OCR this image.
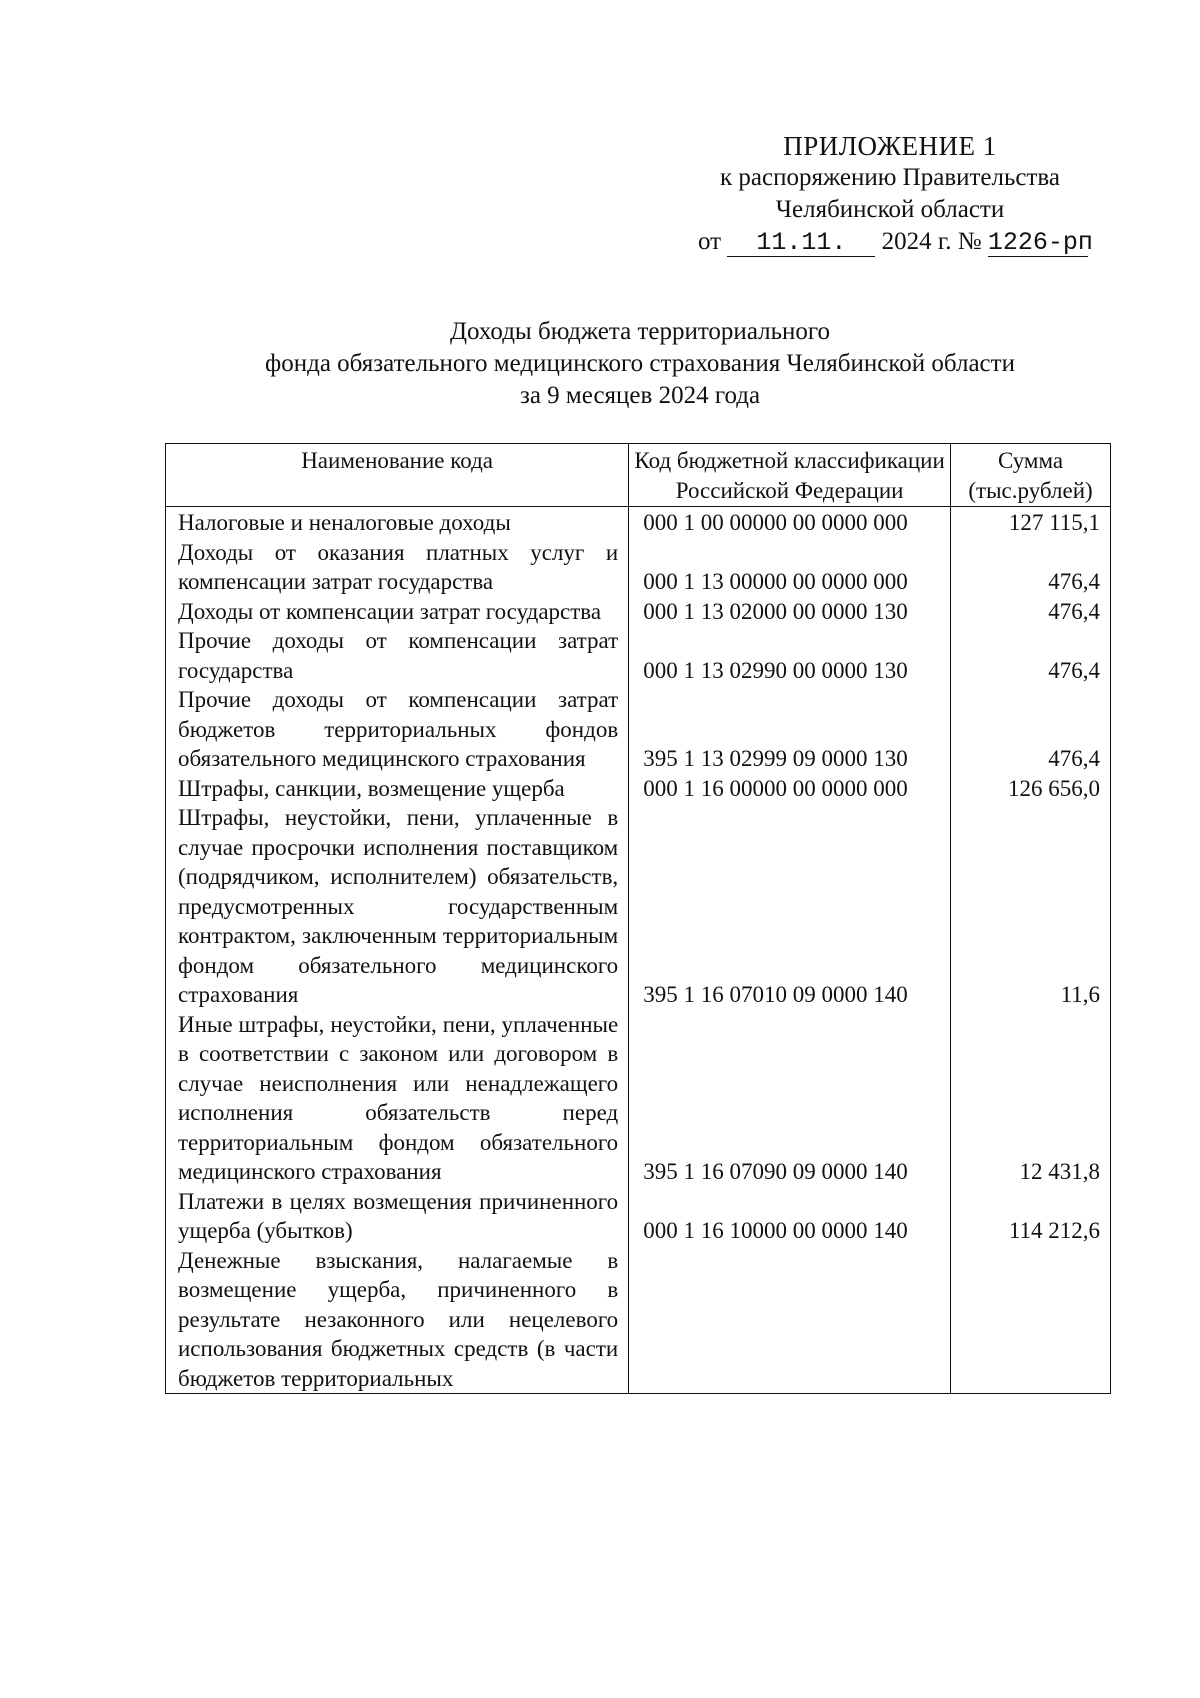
ПРИЛОЖЕНИЕ 1
к распоряжению Правительства
Челябинской области
от 11.11. 2024 г. № 1226-рп
Доходы бюджета территориального
фонда обязательного медицинского страхования Челябинской области
за 9 месяцев 2024 года
Наименование кода	Код бюджетной классификации Российской Федерации	Сумма (тыс.рублей)
Налоговые и неналоговые доходы	000 1 00 00000 00 0000 000	127 115,1
Доходы от оказания платных услуг и компенсации затрат государства	000 1 13 00000 00 0000 000	476,4
Доходы от компенсации затрат государства	000 1 13 02000 00 0000 130	476,4
Прочие доходы от компенсации затрат государства	000 1 13 02990 00 0000 130	476,4
Прочие доходы от компенсации затрат бюджетов территориальных фондов обязательного медицинского страхования	395 1 13 02999 09 0000 130	476,4
Штрафы, санкции, возмещение ущерба	000 1 16 00000 00 0000 000	126 656,0
Штрафы, неустойки, пени, уплаченные в случае просрочки исполнения поставщиком (подрядчиком, исполнителем) обязательств, предусмотренных государственным контрактом, заключенным территориальным фондом обязательного медицинского страхования	395 1 16 07010 09 0000 140	11,6
Иные штрафы, неустойки, пени, уплаченные в соответствии с законом или договором в случае неисполнения или ненадлежащего исполнения обязательств перед территориальным фондом обязательного медицинского страхования	395 1 16 07090 09 0000 140	12 431,8
Платежи в целях возмещения причиненного ущерба (убытков)	000 1 16 10000 00 0000 140	114 212,6
Денежные взыскания, налагаемые в возмещение ущерба, причиненного в результате незаконного или нецелевого использования бюджетных средств (в части бюджетов территориальных		
